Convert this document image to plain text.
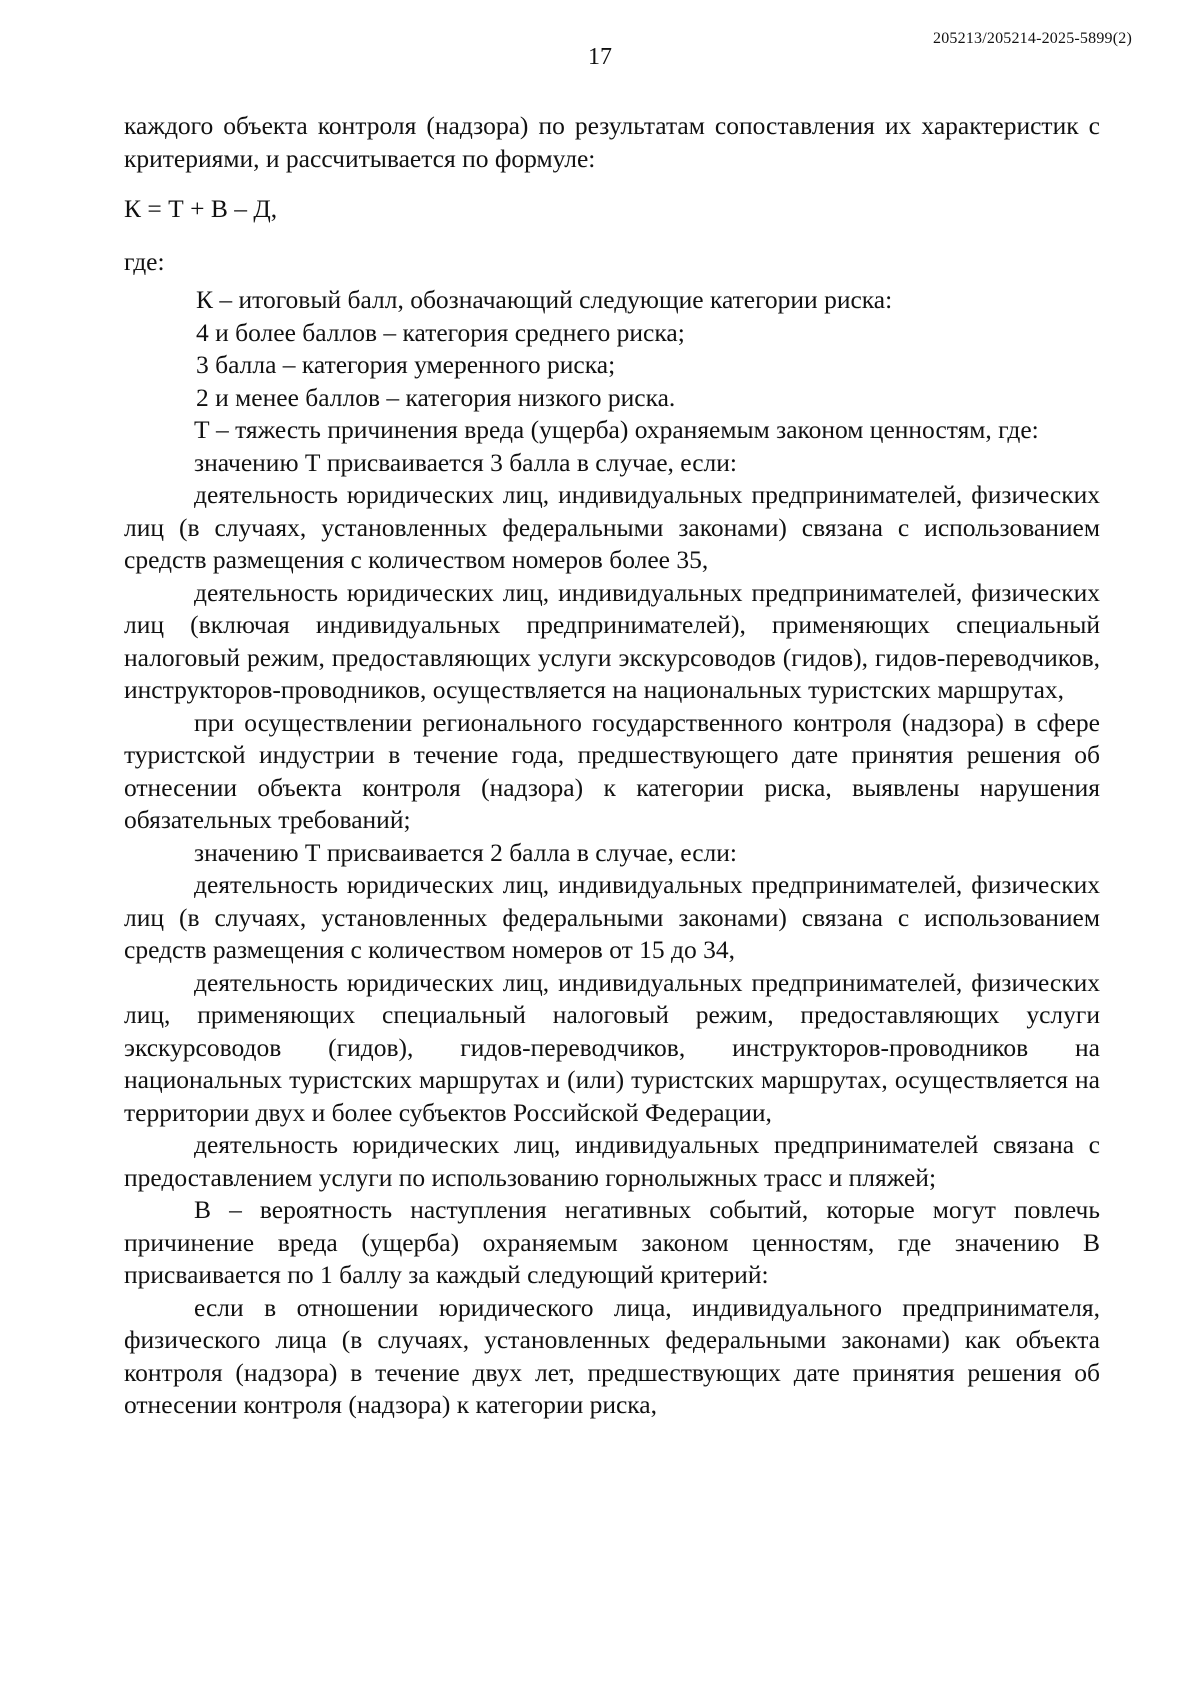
205213/205214-2025-5899(2)
17

каждого объекта контроля (надзора) по результатам сопоставления их характеристик с критериями, и рассчитывается по формуле:

К = Т + В – Д,

где:

К – итоговый балл, обозначающий следующие категории риска:

4 и более баллов – категория среднего риска;

3 балла – категория умеренного риска;

2 и менее баллов – категория низкого риска.

Т – тяжесть причинения вреда (ущерба) охраняемым законом ценностям, где:

значению Т присваивается 3 балла в случае, если:

деятельность юридических лиц, индивидуальных предпринимателей, физических лиц (в случаях, установленных федеральными законами) связана с использованием средств размещения с количеством номеров более 35,

деятельность юридических лиц, индивидуальных предпринимателей, физических лиц (включая индивидуальных предпринимателей), применяющих специальный налоговый режим, предоставляющих услуги экскурсоводов (гидов), гидов-переводчиков, инструкторов-проводников, осуществляется на национальных туристских маршрутах,

при осуществлении регионального государственного контроля (надзора) в сфере туристской индустрии в течение года, предшествующего дате принятия решения об отнесении объекта контроля (надзора) к категории риска, выявлены нарушения обязательных требований;

значению Т присваивается 2 балла в случае, если:

деятельность юридических лиц, индивидуальных предпринимателей, физических лиц (в случаях, установленных федеральными законами) связана с использованием средств размещения с количеством номеров от 15 до 34,

деятельность юридических лиц, индивидуальных предпринимателей, физических лиц, применяющих специальный налоговый режим, предоставляющих услуги экскурсоводов (гидов), гидов-переводчиков, инструкторов-проводников на национальных туристских маршрутах и (или) туристских маршрутах, осуществляется на территории двух и более субъектов Российской Федерации,

деятельность юридических лиц, индивидуальных предпринимателей связана с предоставлением услуги по использованию горнолыжных трасс и пляжей;

В – вероятность наступления негативных событий, которые могут повлечь причинение вреда (ущерба) охраняемым законом ценностям, где значению В присваивается по 1 баллу за каждый следующий критерий:

если в отношении юридического лица, индивидуального предпринимателя, физического лица (в случаях, установленных федеральными законами) как объекта контроля (надзора) в течение двух лет, предшествующих дате принятия решения об отнесении контроля (надзора) к категории риска,
